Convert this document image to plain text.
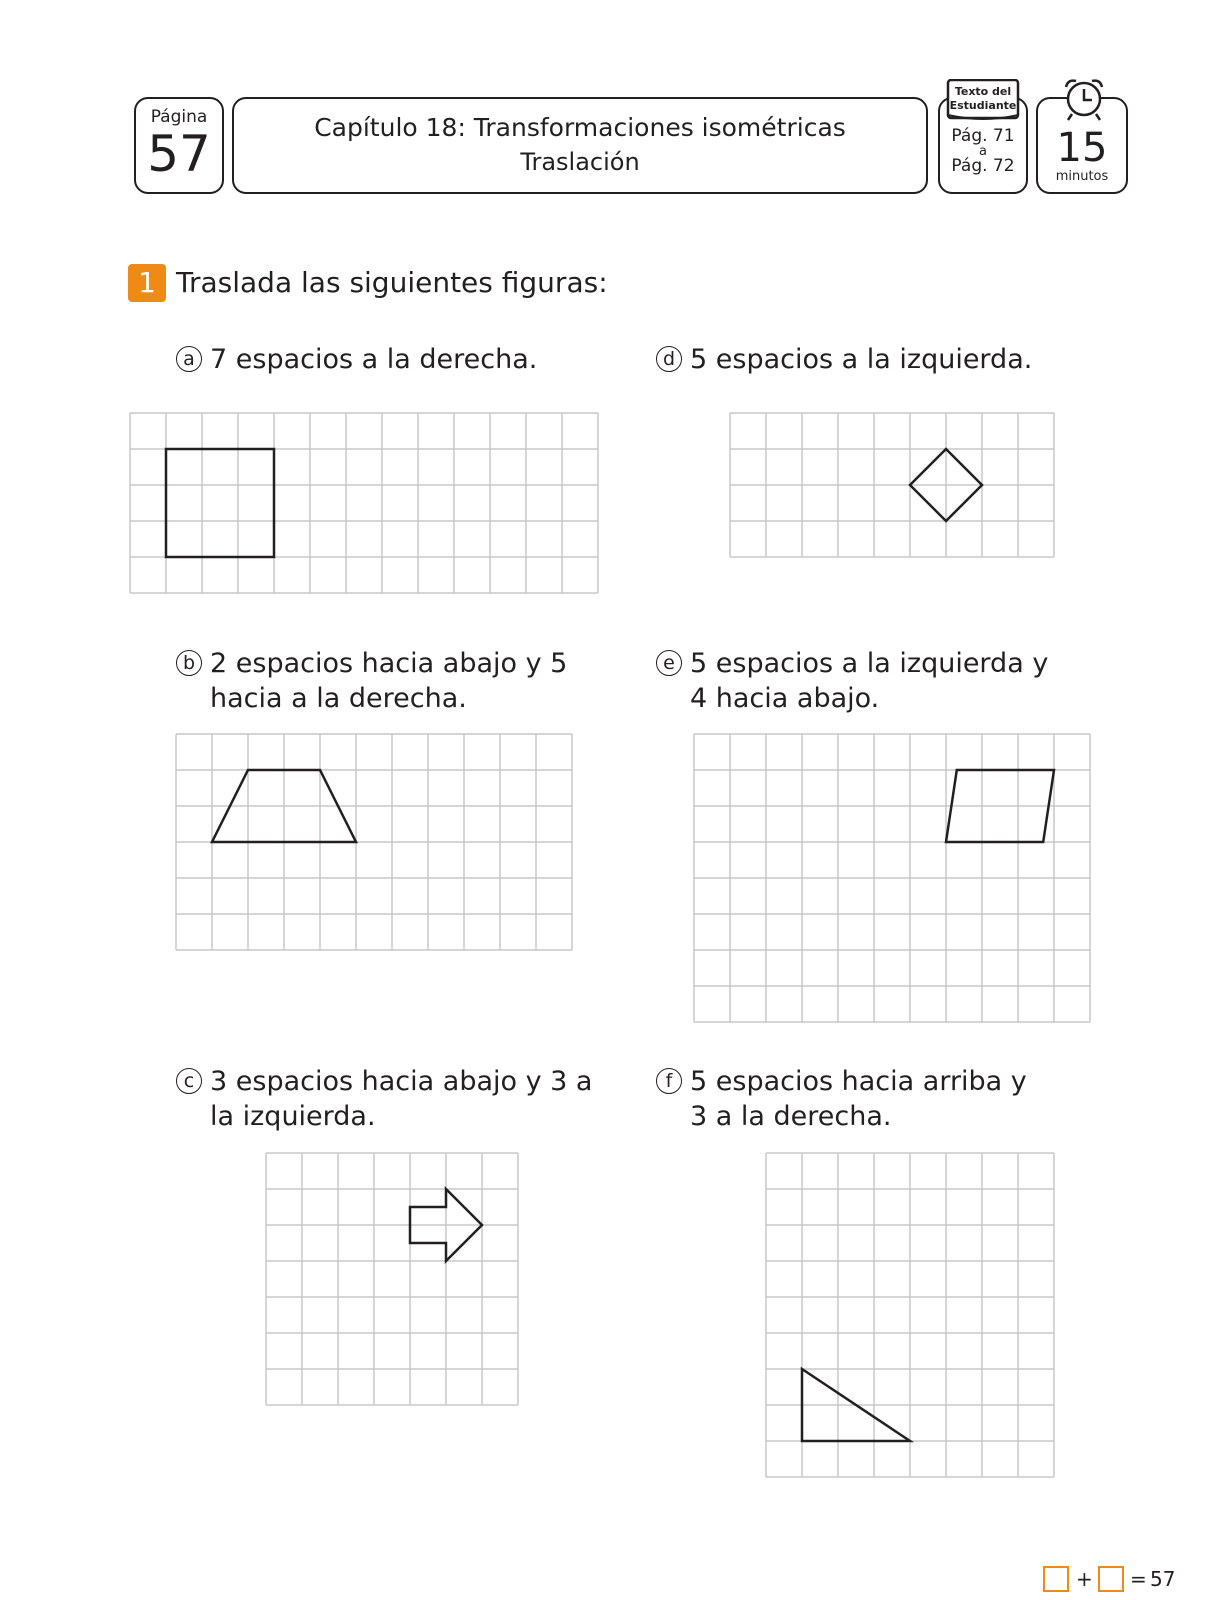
Página
57	Capítulo 18: Transformaciones isométricas
Traslación
Texto del
Estudiante
Pág. 71
a
Pág. 72	15
minutos
1 Traslada las siguientes figuras:
a 7 espacios a la derecha.	d 5 espacios a la izquierda.
b 2 espacios hacia abajo y 5
hacia a la derecha.
e 5 espacios a la izquierda y
4 hacia abajo.
c 3 espacios hacia abajo y 3 a
la izquierda.
f 5 espacios hacia arriba y
3 a la derecha.
+ = 57
